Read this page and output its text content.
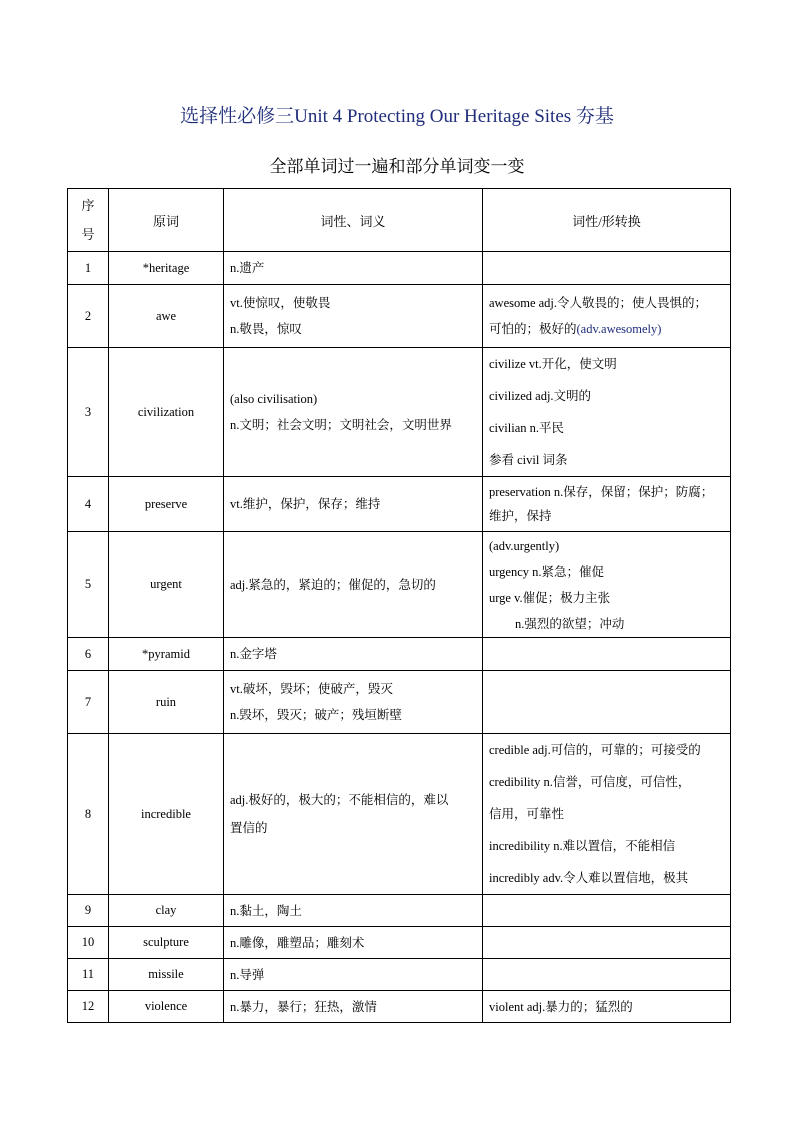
选择性必修三Unit 4 Protecting Our Heritage Sites 夯基
全部单词过一遍和部分单词变一变
序
号	原词	词性、词义	词性/形转换
1	*heritage	n.遗产	

2	awe	vt.使惊叹，使敬畏
n.敬畏，惊叹	awesome adj.令人敬畏的；使人畏惧的；
可怕的；极好的(adv.awesomely)

3	civilization	(also civilisation)
n.文明；社会文明；文明社会，文明世界	civilize vt.开化，使文明
civilized adj.文明的
civilian n.平民
参看 civil 词条

4	preserve	vt.维护，保护，保存；维持	preservation n.保存，保留；保护；防腐；
维护，保持

5	urgent	adj.紧急的，紧迫的；催促的，急切的	(adv.urgently)
urgency n.紧急；催促
urge v.催促；极力主张
n.强烈的欲望；冲动

6	*pyramid	n.金字塔	

7	ruin	vt.破坏，毁坏；使破产，毁灭
n.毁坏，毁灭；破产；残垣断壁	

8	incredible	adj.极好的，极大的；不能相信的，难以
置信的	credible adj.可信的，可靠的；可接受的
credibility n.信誉，可信度，可信性，
信用，可靠性
incredibility n.难以置信，不能相信
incredibly adv.令人难以置信地，极其

9	clay	n.黏土，陶土	

10	sculpture	n.雕像，雕塑品；雕刻术	

11	missile	n.导弹	

12	violence	n.暴力，暴行；狂热，激情	violent adj.暴力的；猛烈的
